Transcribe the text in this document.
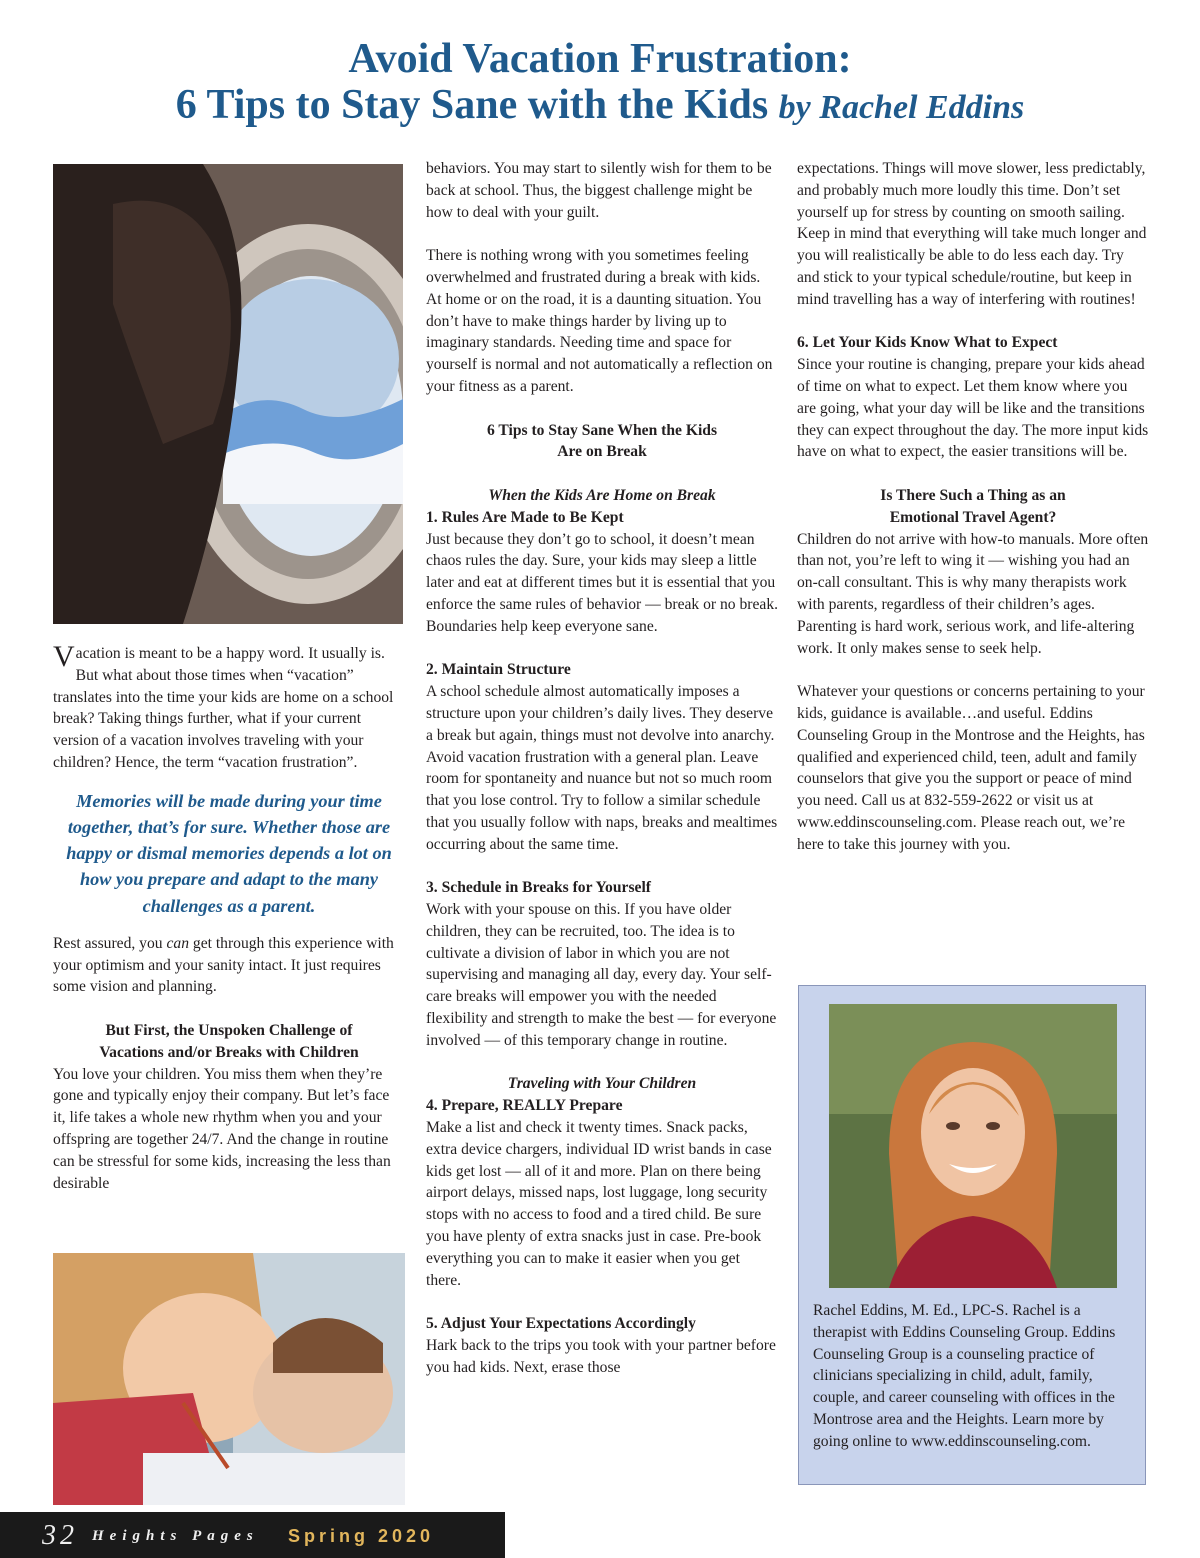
Avoid Vacation Frustration:
6 Tips to Stay Sane with the Kids by Rachel Eddins

Vacation is meant to be a happy word. It usually is. But what about those times when “vacation” translates into the time your kids are home on a school break? Taking things further, what if your current version of a vacation involves traveling with your children? Hence, the term “vacation frustration”.

Memories will be made during your time together, that’s for sure. Whether those are happy or dismal memories depends a lot on how you prepare and adapt to the many challenges as a parent.

Rest assured, you can get through this experience with your optimism and your sanity intact. It just requires some vision and planning.

But First, the Unspoken Challenge of
Vacations and/or Breaks with Children

You love your children. You miss them when they’re gone and typically enjoy their company. But let’s face it, life takes a whole new rhythm when you and your offspring are together 24/7. And the change in routine can be stressful for some kids, increasing the less than desirable

behaviors. You may start to silently wish for them to be back at school. Thus, the biggest challenge might be how to deal with your guilt.

There is nothing wrong with you sometimes feeling overwhelmed and frustrated during a break with kids. At home or on the road, it is a daunting situation. You don’t have to make things harder by living up to imaginary standards. Needing time and space for yourself is normal and not automatically a reflection on your fitness as a parent.

6 Tips to Stay Sane When the Kids
Are on Break

When the Kids Are Home on Break

1. Rules Are Made to Be Kept

Just because they don’t go to school, it doesn’t mean chaos rules the day. Sure, your kids may sleep a little later and eat at different times but it is essential that you enforce the same rules of behavior — break or no break. Boundaries help keep everyone sane.

2. Maintain Structure

A school schedule almost automatically imposes a structure upon your children’s daily lives. They deserve a break but again, things must not devolve into anarchy. Avoid vacation frustration with a general plan. Leave room for spontaneity and nuance but not so much room that you lose control. Try to follow a similar schedule that you usually follow with naps, breaks and mealtimes occurring about the same time.

3. Schedule in Breaks for Yourself

Work with your spouse on this. If you have older children, they can be recruited, too. The idea is to cultivate a division of labor in which you are not supervising and managing all day, every day. Your self-care breaks will empower you with the needed flexibility and strength to make the best — for everyone involved — of this temporary change in routine.

Traveling with Your Children

4. Prepare, REALLY Prepare

Make a list and check it twenty times. Snack packs, extra device chargers, individual ID wrist bands in case kids get lost — all of it and more. Plan on there being airport delays, missed naps, lost luggage, long security stops with no access to food and a tired child. Be sure you have plenty of extra snacks just in case. Pre-book everything you can to make it easier when you get there.

5. Adjust Your Expectations Accordingly

Hark back to the trips you took with your partner before you had kids. Next, erase those

expectations. Things will move slower, less predictably, and probably much more loudly this time. Don’t set yourself up for stress by counting on smooth sailing. Keep in mind that everything will take much longer and you will realistically be able to do less each day. Try and stick to your typical schedule/routine, but keep in mind travelling has a way of interfering with routines!

6. Let Your Kids Know What to Expect

Since your routine is changing, prepare your kids ahead of time on what to expect. Let them know where you are going, what your day will be like and the transitions they can expect throughout the day. The more input kids have on what to expect, the easier transitions will be.

Is There Such a Thing as an
Emotional Travel Agent?

Children do not arrive with how-to manuals. More often than not, you’re left to wing it — wishing you had an on-call consultant. This is why many therapists work with parents, regardless of their children’s ages. Parenting is hard work, serious work, and life-altering work. It only makes sense to seek help.

Whatever your questions or concerns pertaining to your kids, guidance is available…and useful. Eddins Counseling Group in the Montrose and the Heights, has qualified and experienced child, teen, adult and family counselors that give you the support or peace of mind you need. Call us at 832-559-2622 or visit us at www.eddinscounseling.com. Please reach out, we’re here to take this journey with you.

Rachel Eddins, M. Ed., LPC-S. Rachel is a therapist with Eddins Counseling Group. Eddins Counseling Group is a counseling practice of clinicians specializing in child, adult, family, couple, and career counseling with offices in the Montrose area and the Heights. Learn more by going online to www.eddinscounseling.com.
32 Heights Pages Spring 2020
